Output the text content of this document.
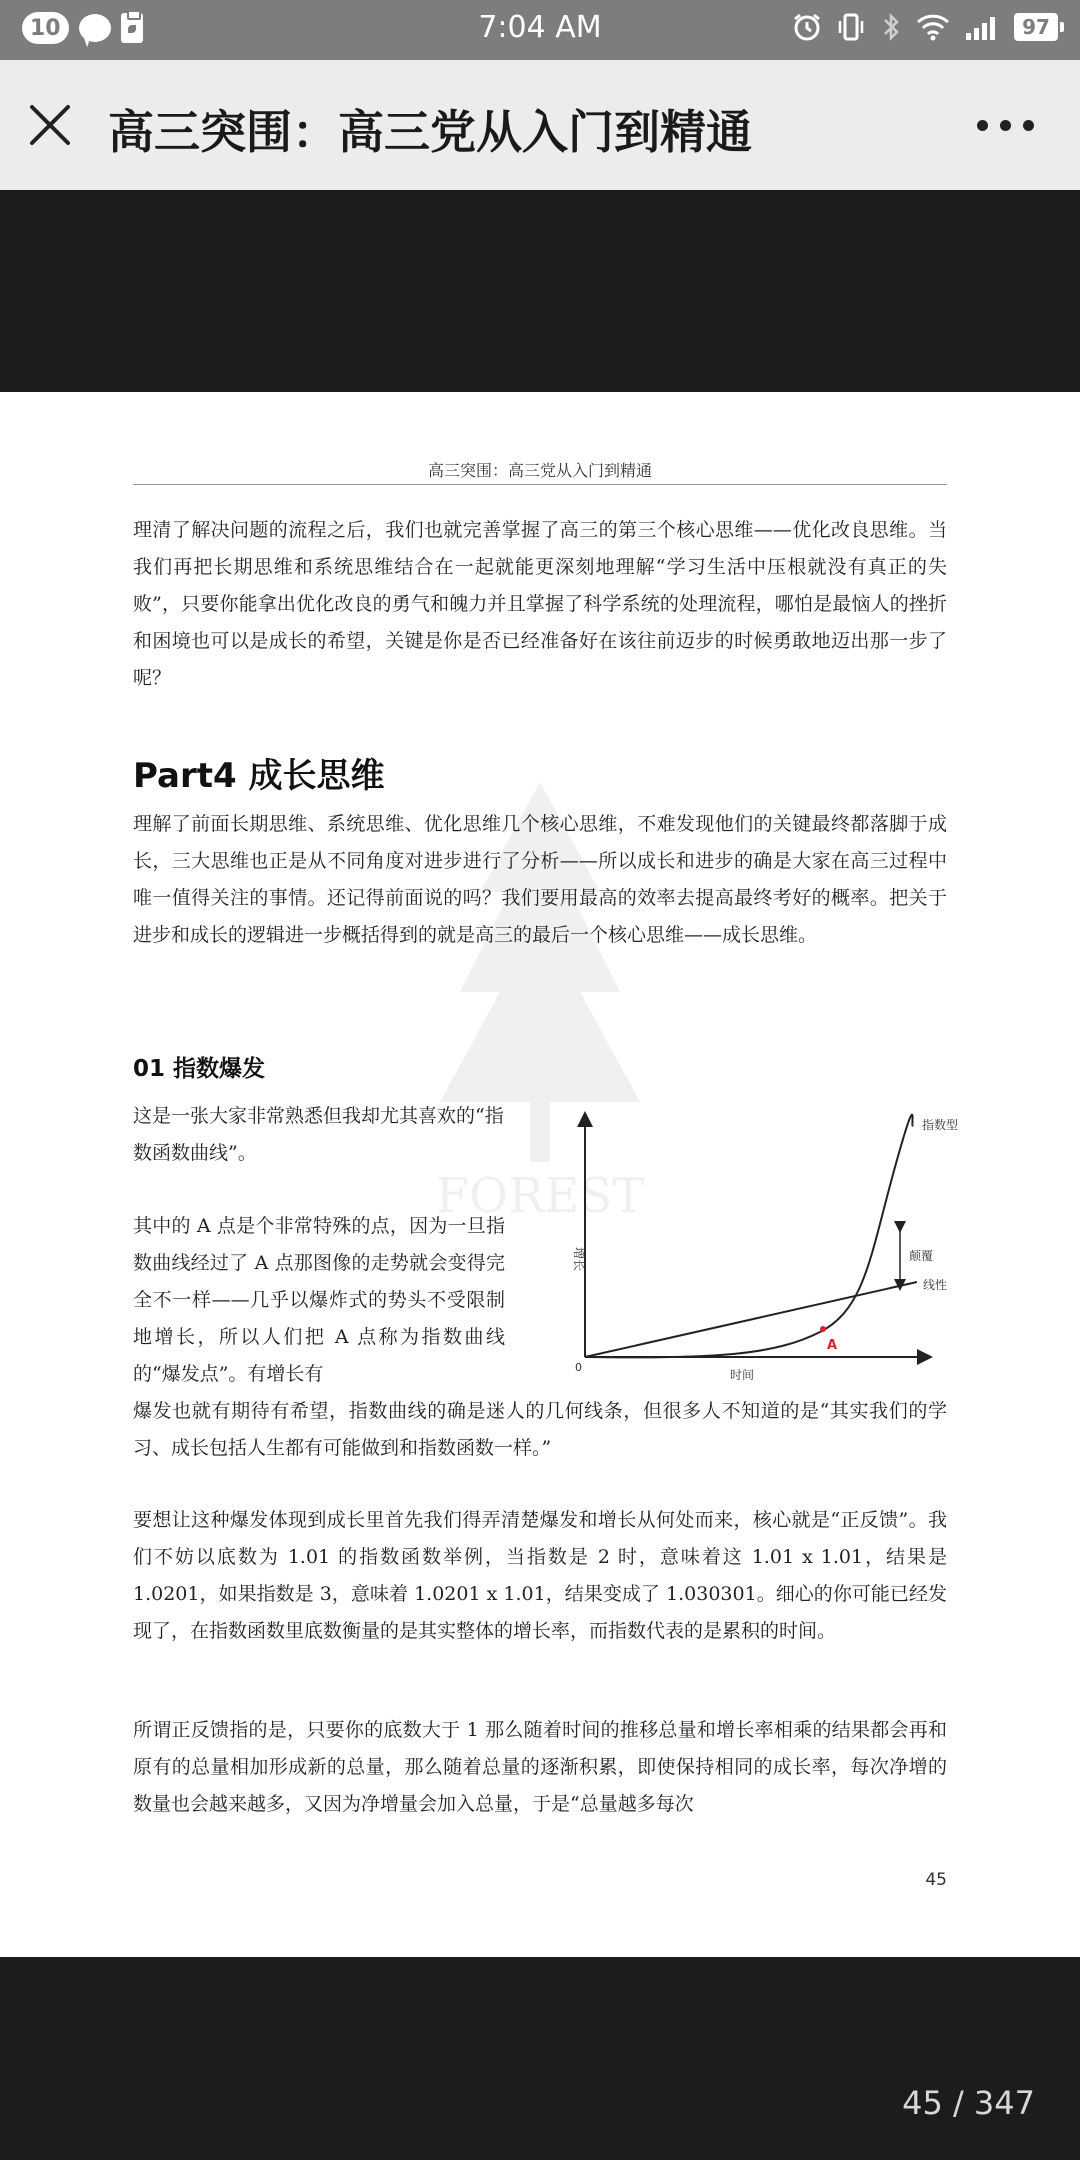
10	7:04 AM	97
高三突围：高三党从入门到精通
高三突围：高三党从入门到精通
FOREST
理清了解决问题的流程之后，我们也就完善掌握了高三的第三个核心思维——优化改良思维。当我们再把长期思维和系统思维结合在一起就能更深刻地理解“学习生活中压根就没有真正的失败”，只要你能拿出优化改良的勇气和魄力并且掌握了科学系统的处理流程，哪怕是最恼人的挫折和困境也可以是成长的希望，关键是你是否已经准备好在该往前迈步的时候勇敢地迈出那一步了呢？
Part4 成长思维
理解了前面长期思维、系统思维、优化思维几个核心思维，不难发现他们的关键最终都落脚于成长，三大思维也正是从不同角度对进步进行了分析——所以成长和进步的确是大家在高三过程中唯一值得关注的事情。还记得前面说的吗？我们要用最高的效率去提高最终考好的概率。把关于进步和成长的逻辑进一步概括得到的就是高三的最后一个核心思维——成长思维。
01 指数爆发
这是一张大家非常熟悉但我却尤其喜欢的“指数函数曲线”。
其中的 A 点是个非常特殊的点，因为一旦指数曲线经过了 A 点那图像的走势就会变得完全不一样——几乎以爆炸式的势头不受限制地增长，所以人们把 A 点称为指数曲线的“爆发点”。有增长有
爆发也就有期待有希望，指数曲线的确是迷人的几何线条，但很多人不知道的是“其实我们的学习、成长包括人生都有可能做到和指数函数一样。”
指数型
线性
颠覆
A
时间
增长
0
要想让这种爆发体现到成长里首先我们得弄清楚爆发和增长从何处而来，核心就是“正反馈”。我们不妨以底数为 1.01 的指数函数举例，当指数是 2 时，意味着这 1.01 x 1.01，结果是 1.0201，如果指数是 3，意味着 1.0201 x 1.01，结果变成了 1.030301。细心的你可能已经发现了，在指数函数里底数衡量的是其实整体的增长率，而指数代表的是累积的时间。
所谓正反馈指的是，只要你的底数大于 1 那么随着时间的推移总量和增长率相乘的结果都会再和原有的总量相加形成新的总量，那么随着总量的逐渐积累，即使保持相同的成长率，每次净增的数量也会越来越多，又因为净增量会加入总量，于是“总量越多每次
45
45 / 347
